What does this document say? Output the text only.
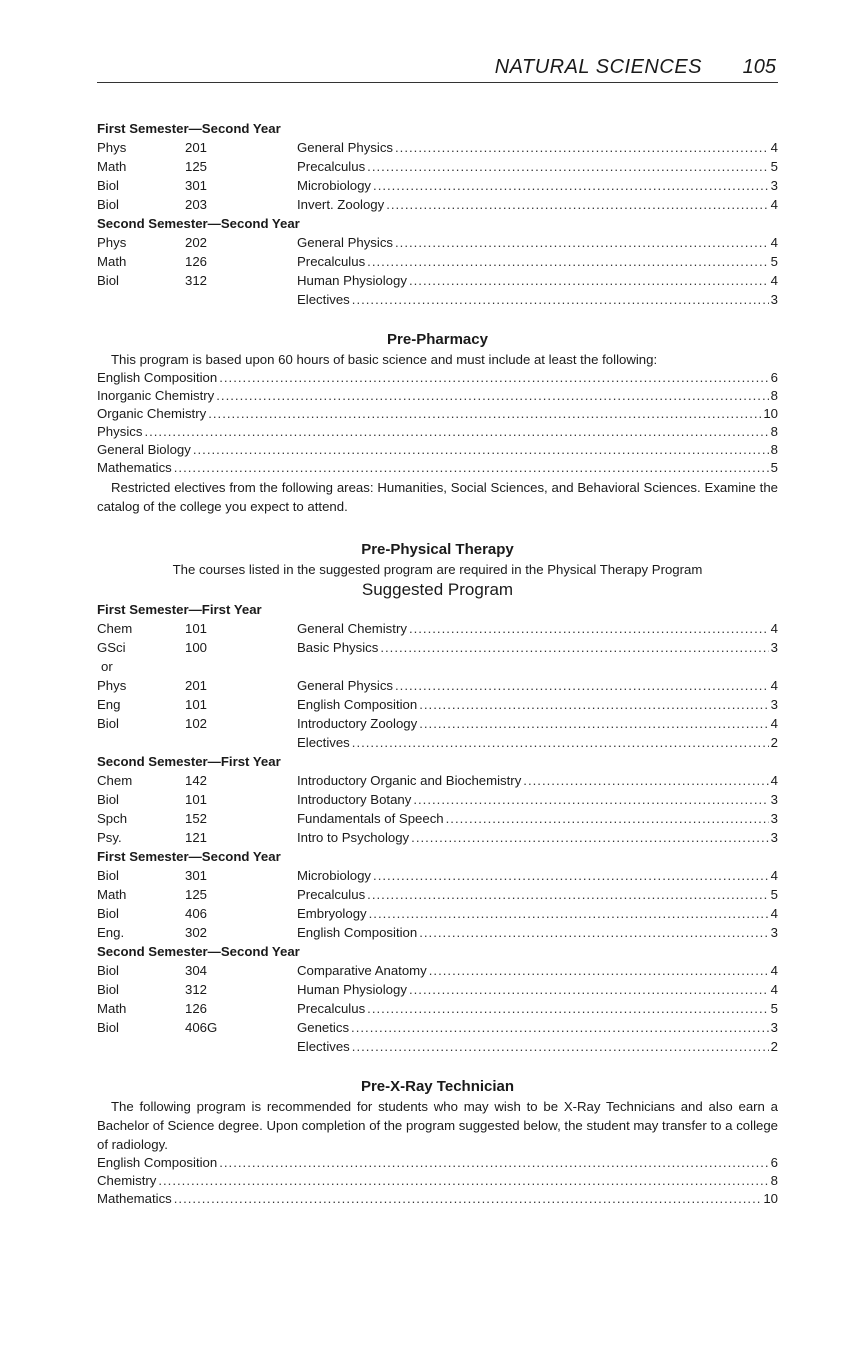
NATURAL SCIENCES 105
First Semester—Second Year
Phys	201	General Physics .....	4
Math	125	Precalculus .....	5
Biol	301	Microbiology .....	3
Biol	203	Invert. Zoology .....	4
Second Semester—Second Year
Phys	202	General Physics .....	4
Math	126	Precalculus .....	5
Biol	312	Human Physiology .....	4
Electives .....	3
Pre-Pharmacy
This program is based upon 60 hours of basic science and must include at least the following:
English Composition .....	6
Inorganic Chemistry .....	8
Organic Chemistry .....	10
Physics .....	8
General Biology .....	8
Mathematics .....	5
Restricted electives from the following areas: Humanities, Social Sciences, and Behavioral Sciences. Examine the catalog of the college you expect to attend.
Pre-Physical Therapy
The courses listed in the suggested program are required in the Physical Therapy Program
Suggested Program
First Semester—First Year
Chem	101	General Chemistry .....	4
GSci	100	Basic Physics .....	3
or
Phys	201	General Physics .....	4
Eng	101	English Composition .....	3
Biol	102	Introductory Zoology .....	4
Electives .....	2
Second Semester—First Year
Chem	142	Introductory Organic and Biochemistry .....	4
Biol	101	Introductory Botany .....	3
Spch	152	Fundamentals of Speech .....	3
Psy.	121	Intro to Psychology .....	3
First Semester—Second Year
Biol	301	Microbiology .....	4
Math	125	Precalculus .....	5
Biol	406	Embryology .....	4
Eng.	302	English Composition .....	3
Second Semester—Second Year
Biol	304	Comparative Anatomy .....	4
Biol	312	Human Physiology .....	4
Math	126	Precalculus .....	5
Biol	406G	Genetics .....	3
Electives .....	2
Pre-X-Ray Technician
The following program is recommended for students who may wish to be X-Ray Technicians and also earn a Bachelor of Science degree. Upon completion of the program suggested below, the student may transfer to a college of radiology.
English Composition .....	6
Chemistry .....	8
Mathematics .....	10
